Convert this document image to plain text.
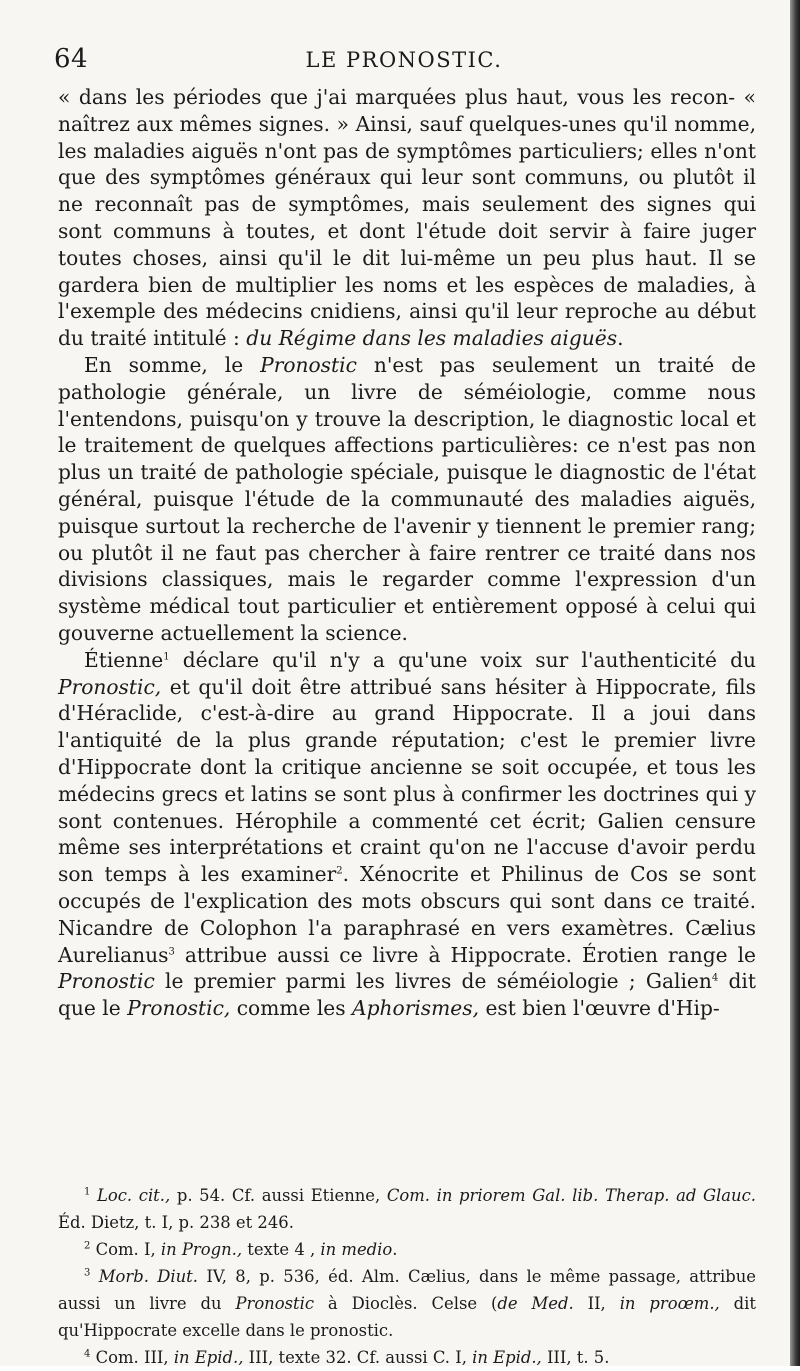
64	LE PRONOSTIC.

« dans les périodes que j'ai marquées plus haut, vous les recon- « naîtrez aux mêmes signes. » Ainsi, sauf quelques-unes qu'il nomme, les maladies aiguës n'ont pas de symptômes particuliers; elles n'ont que des symptômes généraux qui leur sont communs, ou plutôt il ne reconnaît pas de symptômes, mais seulement des signes qui sont communs à toutes, et dont l'étude doit servir à faire juger toutes choses, ainsi qu'il le dit lui-même un peu plus haut. Il se gardera bien de multiplier les noms et les espèces de maladies, à l'exemple des médecins cnidiens, ainsi qu'il leur reproche au début du traité intitulé : du Régime dans les maladies aiguës.

En somme, le Pronostic n'est pas seulement un traité de pathologie générale, un livre de séméiologie, comme nous l'entendons, puisqu'on y trouve la description, le diagnostic local et le traitement de quelques affections particulières: ce n'est pas non plus un traité de pathologie spéciale, puisque le diagnostic de l'état général, puisque l'étude de la communauté des maladies aiguës, puisque surtout la recherche de l'avenir y tiennent le premier rang; ou plutôt il ne faut pas chercher à faire rentrer ce traité dans nos divisions classiques, mais le regarder comme l'expression d'un système médical tout particulier et entièrement opposé à celui qui gouverne actuellement la science.

Étienne$^1$ déclare qu'il n'y a qu'une voix sur l'authenticité du Pronostic, et qu'il doit être attribué sans hésiter à Hippocrate, fils d'Héraclide, c'est-à-dire au grand Hippocrate. Il a joui dans l'antiquité de la plus grande réputation; c'est le premier livre d'Hippocrate dont la critique ancienne se soit occupée, et tous les médecins grecs et latins se sont plus à confirmer les doctrines qui y sont contenues. Hérophile a commenté cet écrit; Galien censure même ses interprétations et craint qu'on ne l'accuse d'avoir perdu son temps à les examiner$^2$. Xénocrite et Philinus de Cos se sont occupés de l'explication des mots obscurs qui sont dans ce traité. Nicandre de Colophon l'a paraphrasé en vers examètres. Cælius Aurelianus$^3$ attribue aussi ce livre à Hippocrate. Érotien range le Pronostic le premier parmi les livres de séméiologie ; Galien$^4$ dit que le Pronostic, comme les Aphorismes, est bien l'œuvre d'Hip-

$^1$ Loc. cit., p. 54. Cf. aussi Etienne, Com. in priorem Gal. lib. Therap. ad Glauc. Éd. Dietz, t. I, p. 238 et 246.

$^2$ Com. I, in Progn., texte 4 , in medio.

$^3$ Morb. Diut. IV, 8, p. 536, éd. Alm. Cælius, dans le même passage, attribue aussi un livre du Pronostic à Dioclès. Celse (de Med. II, in proœm., dit qu'Hippocrate excelle dans le pronostic.

$^4$ Com. III, in Epid., III, texte 32. Cf. aussi C. I, in Epid., III, t. 5.
